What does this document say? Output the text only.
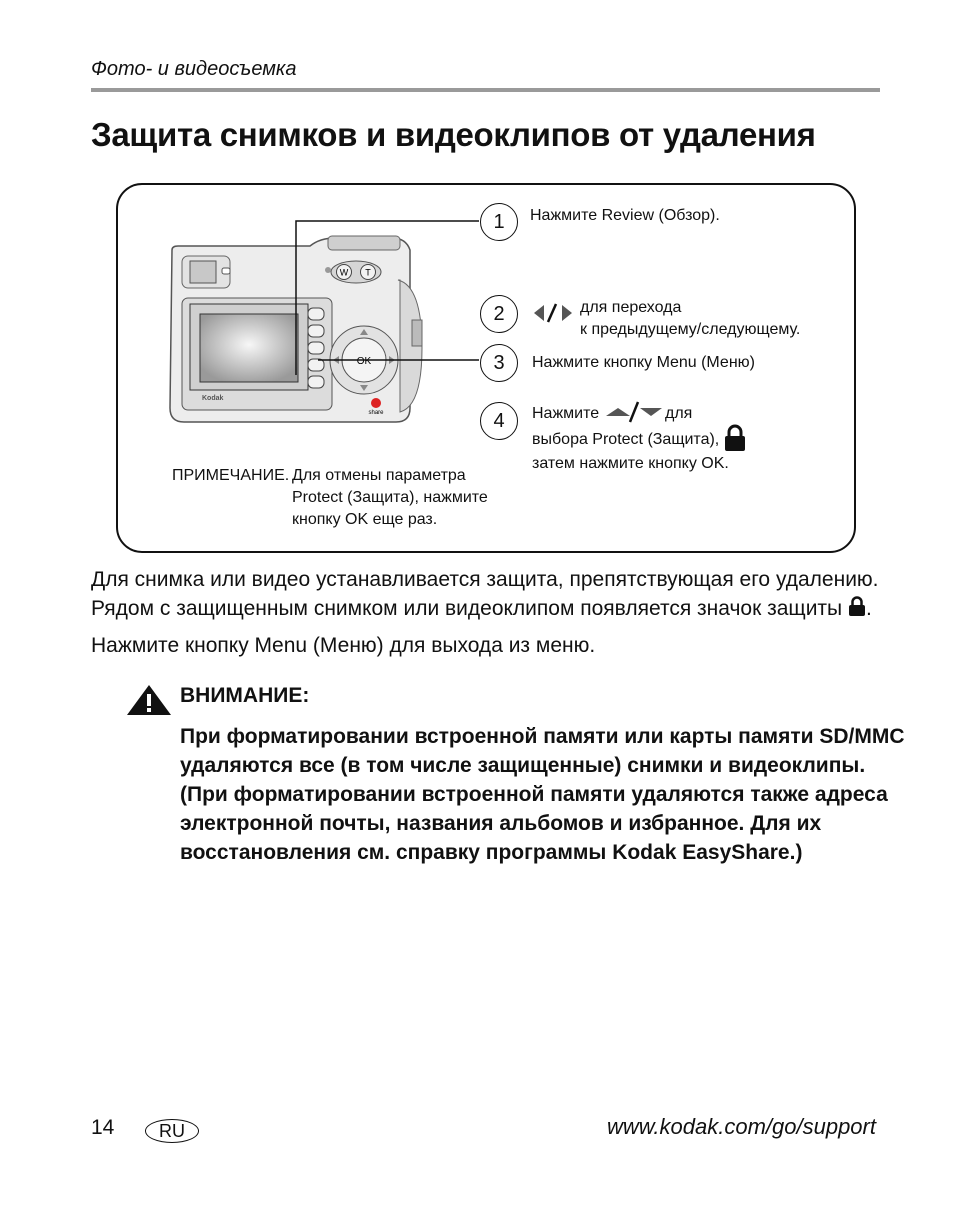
Фото- и видеосъемка
Защита снимков и видеоклипов от удаления
W T
Kodak
OK
share
1	Нажмите Review (Обзор).
2	для перехода
к предыдущему/следующему.
3	Нажмите кнопку Menu (Меню)
4	Нажмите	для
выбора Protect (Защита),
затем нажмите кнопку OK.
ПРИМЕЧАНИЕ. Для отмены параметра
Protect (Защита), нажмите
кнопку OK еще раз.
Для снимка или видео устанавливается защита, препятствующая его удалению.
Рядом с защищенным снимком или видеоклипом появляется значок защиты .
Нажмите кнопку Menu (Меню) для выхода из меню.
ВНИМАНИЕ:
При форматировании встроенной памяти или карты памяти SD/MMC
удаляются все (в том числе защищенные) снимки и видеоклипы.
(При форматировании встроенной памяти удаляются также адреса
электронной почты, названия альбомов и избранное. Для их
восстановления см. справку программы Kodak EasyShare.)
14	RU	www.kodak.com/go/support
